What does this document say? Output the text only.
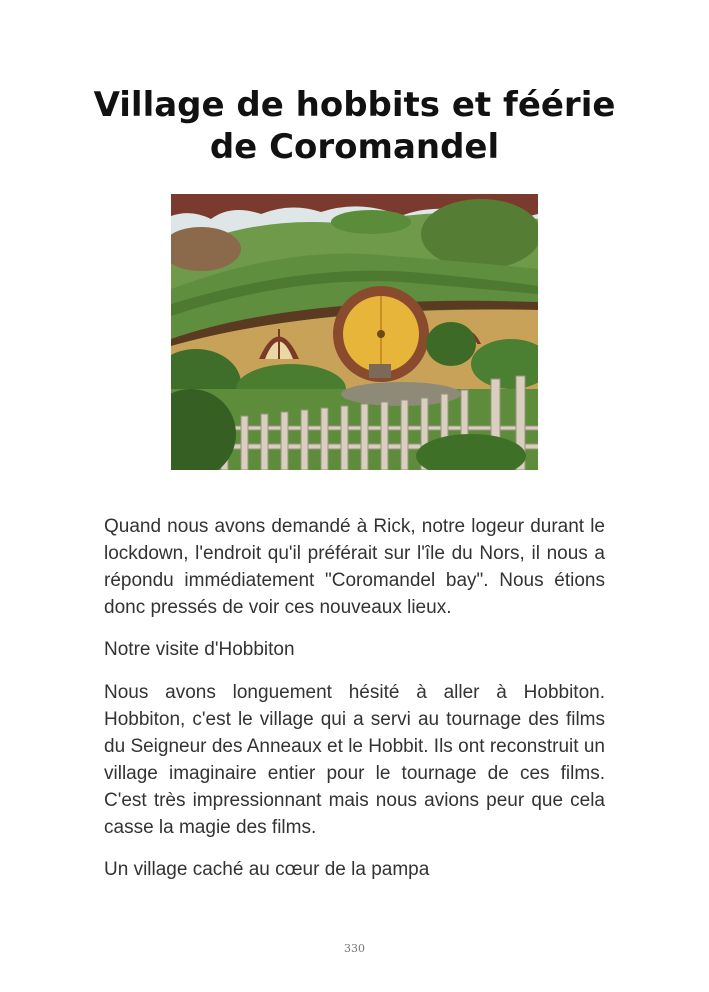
Village de hobbits et féérie de Coromandel

Quand nous avons demandé à Rick, notre logeur durant le lockdown, l'endroit qu'il préférait sur l'île du Nors, il nous a répondu immédiatement "Coromandel bay". Nous étions donc pressés de voir ces nouveaux lieux.

Notre visite d'Hobbiton

Nous avons longuement hésité à aller à Hobbiton. Hobbiton, c'est le village qui a servi au tournage des films du Seigneur des Anneaux et le Hobbit. Ils ont reconstruit un village imaginaire entier pour le tournage de ces films. C'est très impressionnant mais nous avions peur que cela casse la magie des films.

Un village caché au cœur de la pampa

330
